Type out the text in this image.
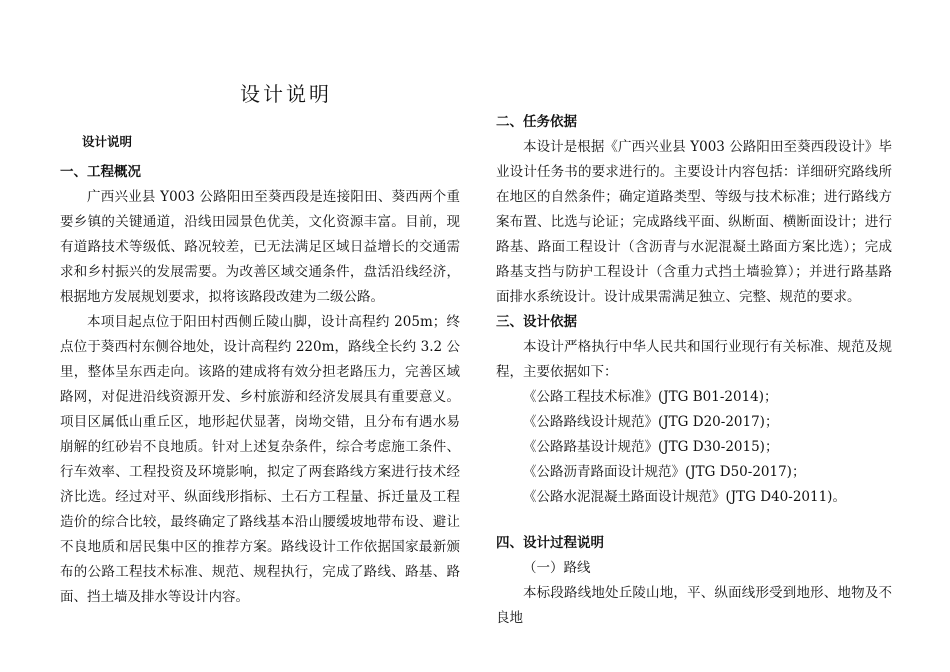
设计说明
设计说明

一、工程概况

广西兴业县 Y003 公路阳田至葵西段是连接阳田、葵西两个重要乡镇的关键通道，沿线田园景色优美，文化资源丰富。目前，现有道路技术等级低、路况较差，已无法满足区域日益增长的交通需求和乡村振兴的发展需要。为改善区域交通条件，盘活沿线经济，根据地方发展规划要求，拟将该路段改建为二级公路。

本项目起点位于阳田村西侧丘陵山脚，设计高程约 205m；终点位于葵西村东侧谷地处，设计高程约 220m，路线全长约 3.2 公里，整体呈东西走向。该路的建成将有效分担老路压力，完善区域路网，对促进沿线资源开发、乡村旅游和经济发展具有重要意义。项目区属低山重丘区，地形起伏显著，岗坳交错，且分布有遇水易崩解的红砂岩不良地质。针对上述复杂条件，综合考虑施工条件、行车效率、工程投资及环境影响，拟定了两套路线方案进行技术经济比选。经过对平、纵面线形指标、土石方工程量、拆迁量及工程造价的综合比较，最终确定了路线基本沿山腰缓坡地带布设、避让不良地质和居民集中区的推荐方案。路线设计工作依据国家最新颁布的公路工程技术标准、规范、规程执行，完成了路线、路基、路面、挡土墙及排水等设计内容。

二、任务依据

本设计是根据《广西兴业县 Y003 公路阳田至葵西段设计》毕业设计任务书的要求进行的。主要设计内容包括：详细研究路线所在地区的自然条件；确定道路类型、等级与技术标准；进行路线方案布置、比选与论证；完成路线平面、纵断面、横断面设计；进行路基、路面工程设计（含沥青与水泥混凝土路面方案比选）；完成路基支挡与防护工程设计（含重力式挡土墙验算）；并进行路基路面排水系统设计。设计成果需满足独立、完整、规范的要求。

三、设计依据

本设计严格执行中华人民共和国行业现行有关标准、规范及规程，主要依据如下：

《公路工程技术标准》(JTG B01-2014)；

《公路路线设计规范》(JTG D20-2017)；

《公路路基设计规范》(JTG D30-2015)；

《公路沥青路面设计规范》(JTG D50-2017)；

《公路水泥混凝土路面设计规范》(JTG D40-2011)。

四、设计过程说明

（一）路线

本标段路线地处丘陵山地，平、纵面线形受到地形、地物及不良地
